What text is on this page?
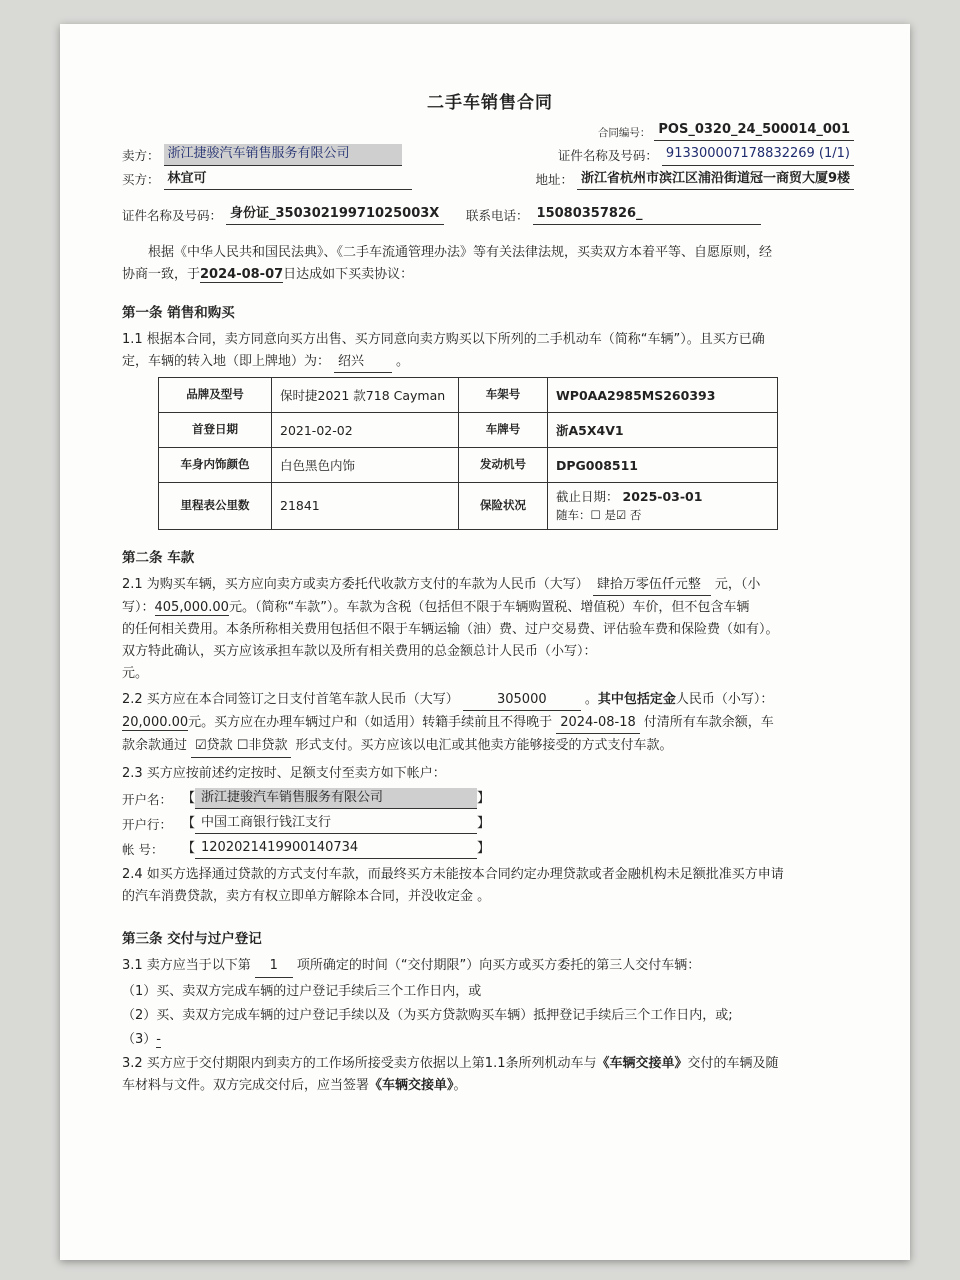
二手车销售合同
合同编号： POS_0320_24_500014_001
卖方： 浙江捷骏汽车销售服务有限公司	证件名称及号码： 91330000717883226​9 (1/1)
买方： 林宜可	地址： 浙江省杭州市滨江区浦沿街道冠一商贸大厦9楼
证件名称及号码： 身份证_35030219971025003X	联系电话： 15080357826_

根据《中华人民共和国民法典》、《二手车流通管理办法》等有关法律法规，买卖双方本着平等、自愿原则，经

协商一致，于2024-08-07日达成如下买卖协议：

第一条 销售和购买

1.1 根据本合同，卖方同意向买方出售、买方同意向卖方购买以下所列的二手机动车（简称“车辆”）。且买方已确

定，车辆的转入地（即上牌地）为： 绍兴 。

品牌及型号	保时捷2021 款718 Cayman	车架号	WP0AA2985MS260393
首登日期	2021-02-02	车牌号	浙A5X4V1
车身内饰颜色	白色黑色内饰	发动机号	DPG008511
里程表公里数	21841	保险状况	截止日期： 2025-03-01
随车：☐ 是☑ 否
第二条 车款

2.1 为购买车辆，买方应向卖方或卖方委托代收款方支付的车款为人民币（大写） 肆拾万零伍仟元整 元，（小

写）：405,000.00元。（简称“车款”）。车款为含税（包括但不限于车辆购置税、增值税）车价，但不包含车辆

的任何相关费用。本条所称相关费用包括但不限于车辆运输（油）费、过户交易费、评估验车费和保险费（如有）。

双方特此确认，买方应该承担车款以及所有相关费用的总金额总计人民币（小写）：

元。

2.2 买方应在本合同签订之日支付首笔车款人民币（大写）	305000	。其中包括定金人民币（小写）：

20,000.00元。买方应在办理车辆过户和（如适用）转籍手续前且不得晚于 2024-08-18 付清所有车款余额，车

款余款通过 ☑贷款 ☐非贷款 形式支付。买方应该以电汇或其他卖方能够接受的方式支付车款。

2.3 买方应按前述约定按时、足额支付至卖方如下帐户：

开户名： 【 浙江捷骏汽车销售服务有限公司	】
开户行： 【 中国工商银行钱江支行	】
帐 号：	【 1202021419900140734	】

2.4 如买方选择通过贷款的方式支付车款，而最终买方未能按本合同约定办理贷款或者金融机构未足额批准买方申请

的汽车消费贷款，卖方有权立即单方解除本合同，并没收定金 。

第三条 交付与过户登记

3.1 卖方应当于以下第 1 项所确定的时间（“交付期限”）向买方或买方委托的第三人交付车辆：

（1）买、卖双方完成车辆的过户登记手续后三个工作日内，或

（2）买、卖双方完成车辆的过户登记手续以及（为买方贷款购买车辆）抵押登记手续后三个工作日内，或;

（3）-

3.2 买方应于交付期限内到卖方的工作场所接受卖方依据以上第1.1条所列机动车与《车辆交接单》交付的车辆及随

车材料与文件。双方完成交付后，应当签署《车辆交接单》。
